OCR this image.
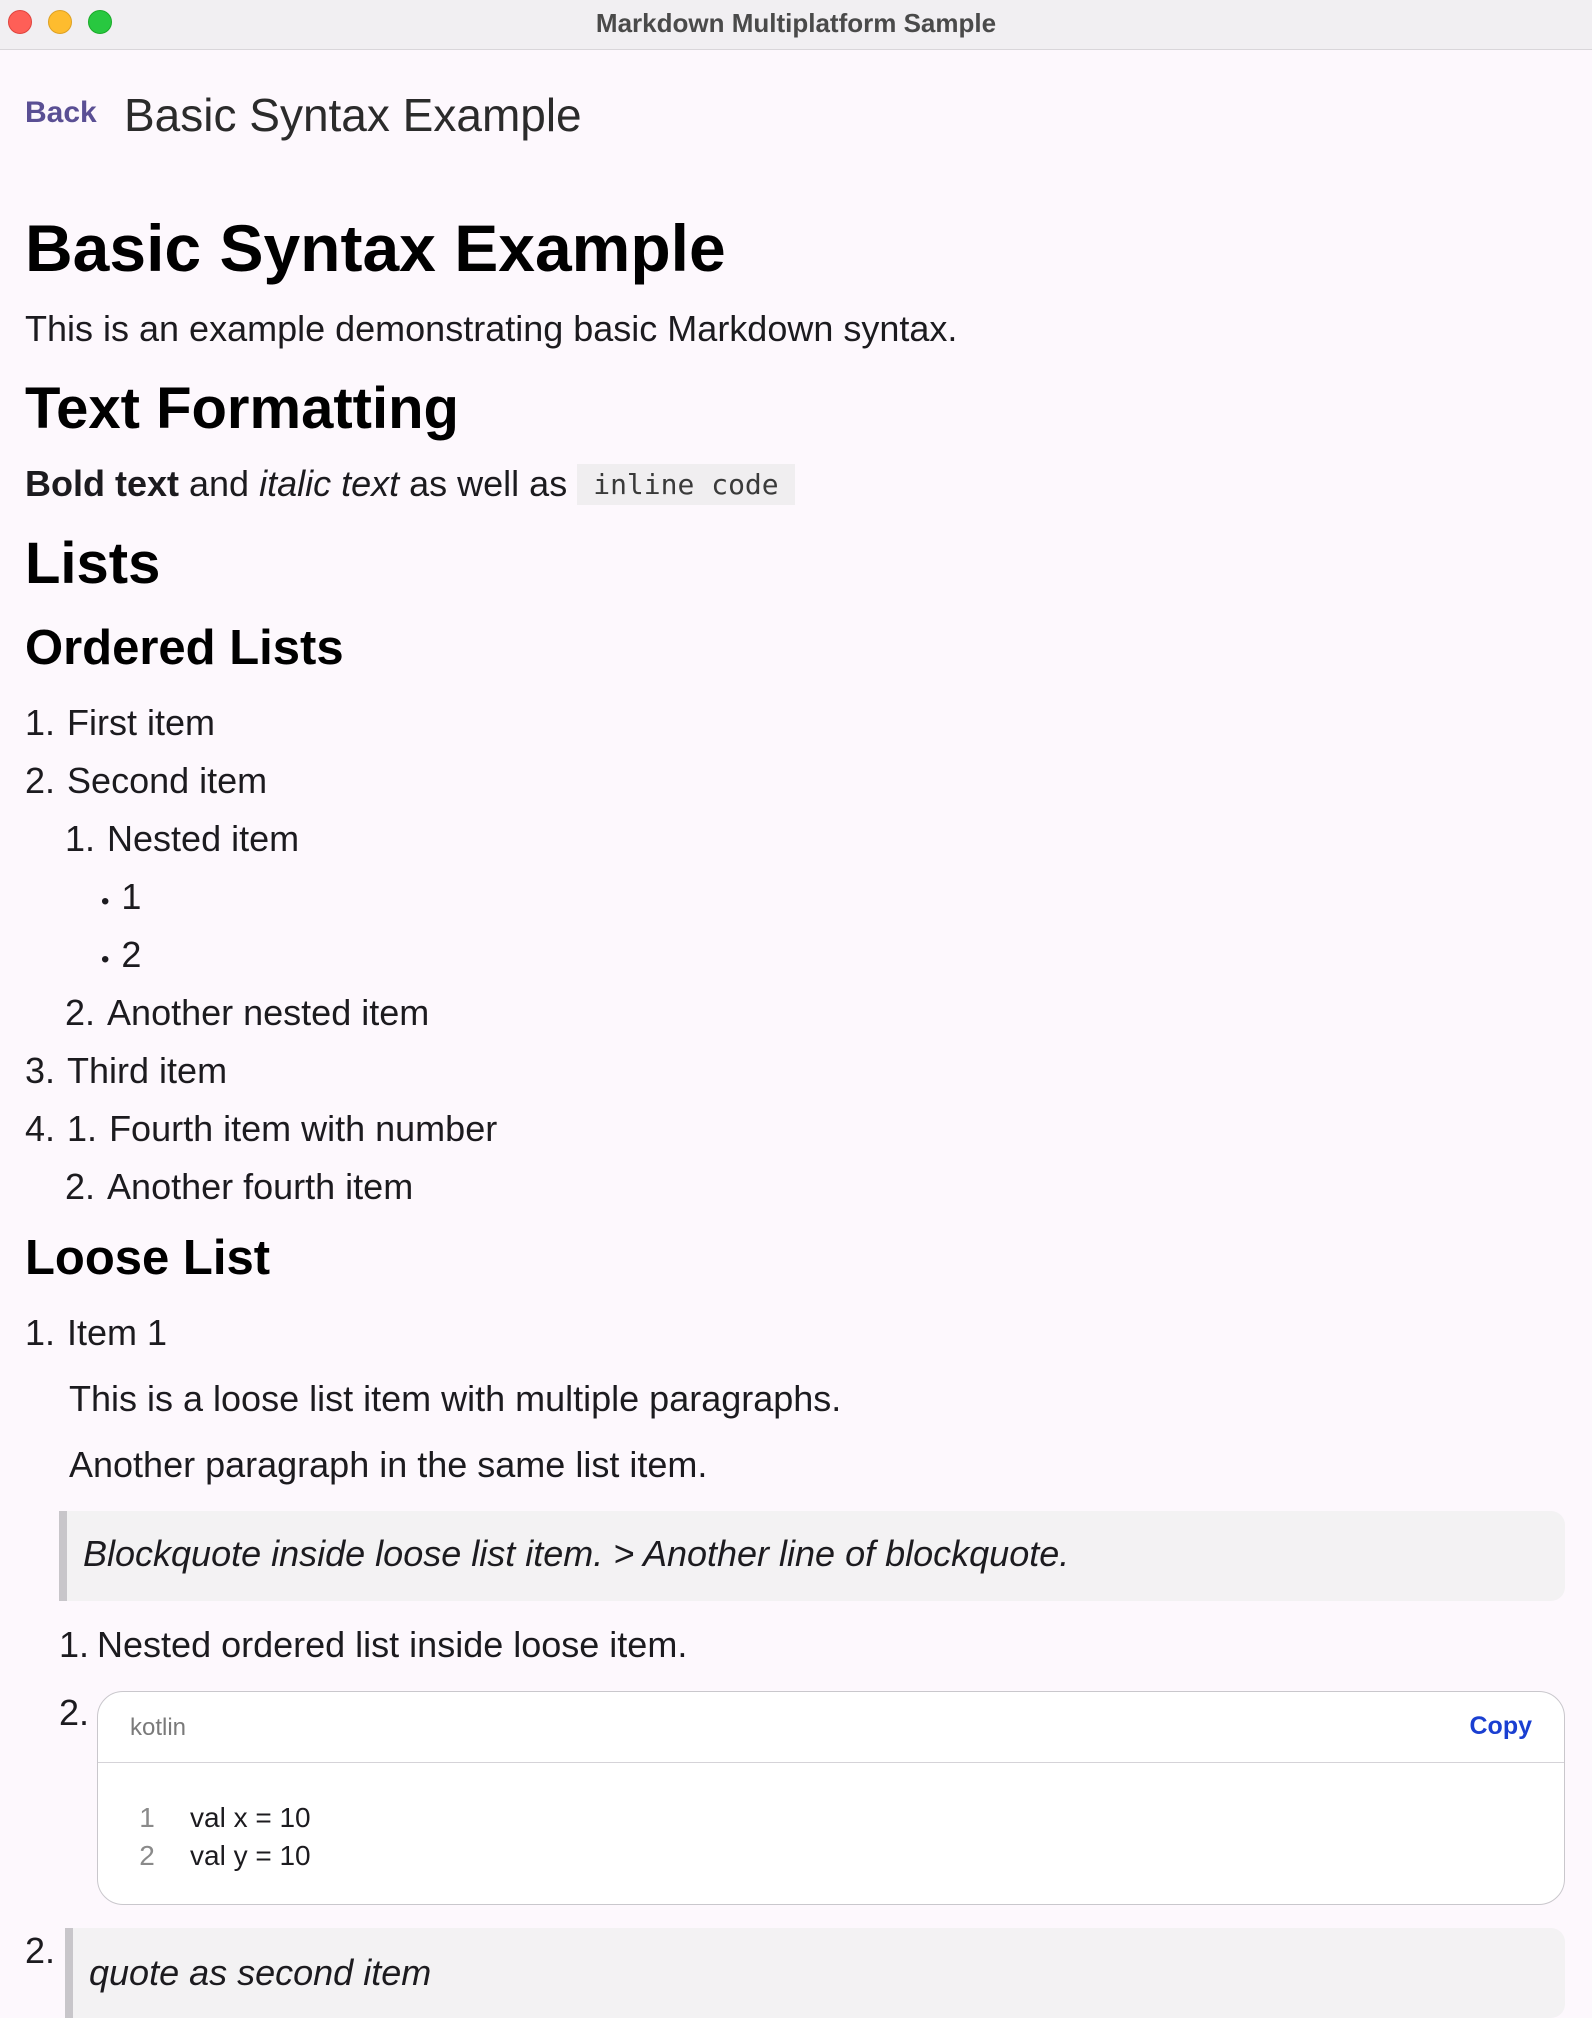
Markdown Multiplatform Sample
Back Basic Syntax Example
Basic Syntax Example
This is an example demonstrating basic Markdown syntax.
Text Formatting
Bold text and italic text as well as inline code
Lists
Ordered Lists
1. First item
2. Second item
1. Nested item
• 1
• 2
2. Another nested item
3. Third item
4. 1. Fourth item with number
2. Another fourth item
Loose List
1. Item 1
This is a loose list item with multiple paragraphs.
Another paragraph in the same list item.
Blockquote inside loose list item. > Another line of blockquote.
1. Nested ordered list inside loose item.
2. kotlin	Copy
1 val x = 10
2 val y = 10
2.
quote as second item
